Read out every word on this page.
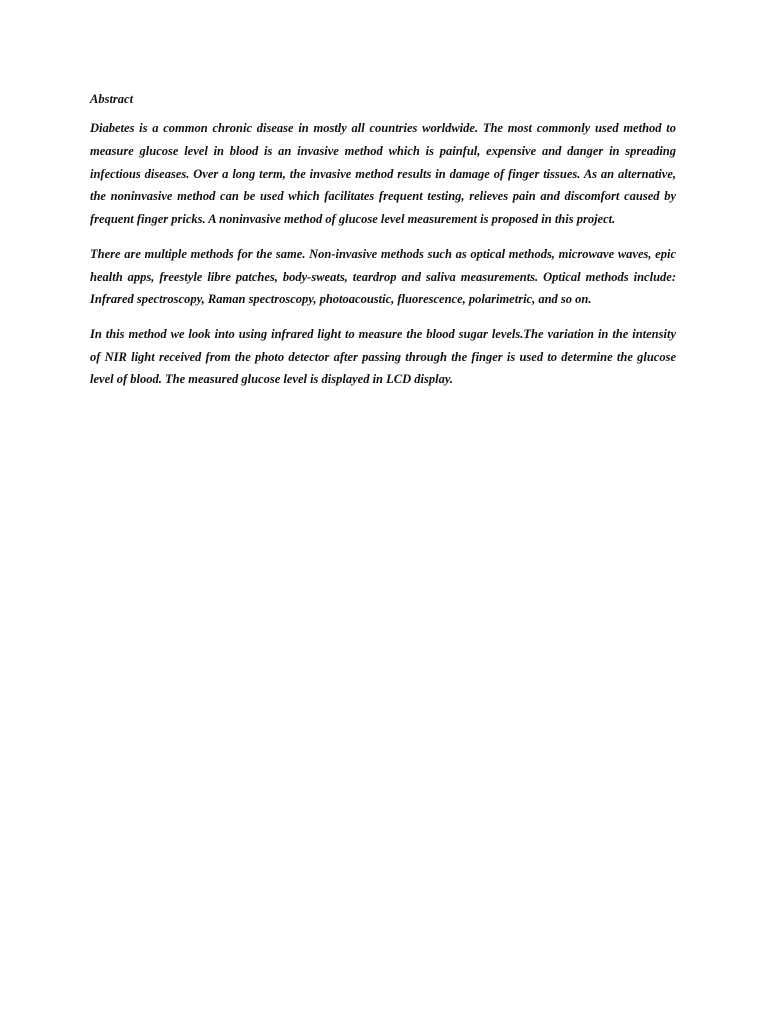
Abstract
Diabetes is a common chronic disease in mostly all countries worldwide. The most commonly used method to
measure glucose level in blood is an invasive method which is painful, expensive and danger in spreading
infectious diseases. Over a long term, the invasive method results in damage of finger tissues. As an alternative,
the noninvasive method can be used which facilitates frequent testing, relieves pain and discomfort caused by
frequent finger pricks. A noninvasive method of glucose level measurement is proposed in this project.
There are multiple methods for the same. Non-invasive methods such as optical methods, microwave waves, epic
health apps, freestyle libre patches, body-sweats, teardrop and saliva measurements. Optical methods include:
Infrared spectroscopy, Raman spectroscopy, photoacoustic, fluorescence, polarimetric, and so on.
In this method we look into using infrared light to measure the blood sugar levels.The variation in the intensity
of NIR light received from the photo detector after passing through the finger is used to determine the glucose
level of blood. The measured glucose level is displayed in LCD display.
